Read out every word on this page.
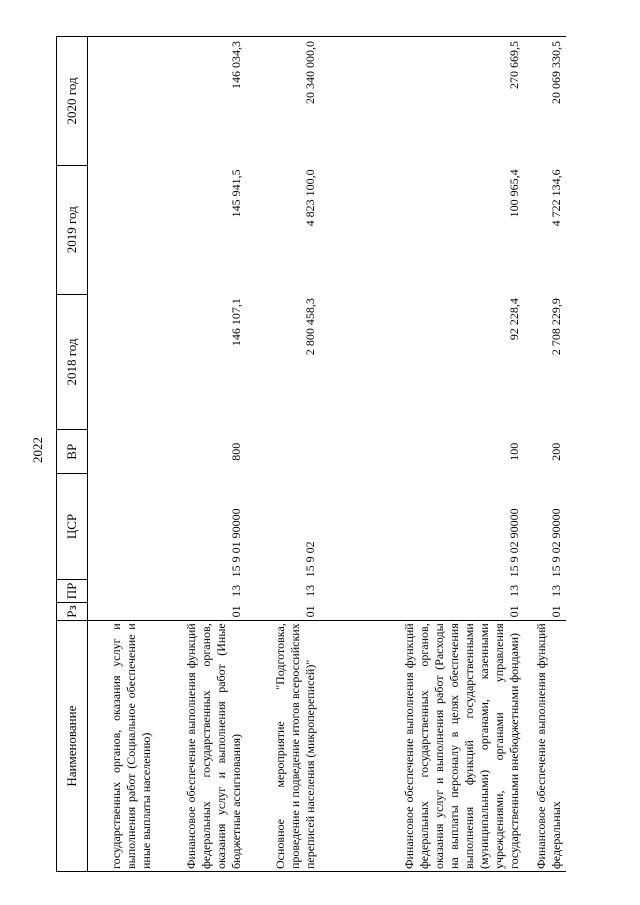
2022
Наименование	Рз	ПР	ЦСР	ВР	2018 год	2019 год	2020 год
государственных органов, оказания услуг и выполнения работ (Социальное обеспечение и иные выплаты населению)							
Финансовое обеспечение выполнения функций федеральных государственных органов, оказания услуг и выполнения работ (Иные бюджетные ассигнования)	01	13	15 9 01 90000	800	146 107,1	145 941,5	146 034,3
Основное мероприятие "Подготовка, проведение и подведение итогов всероссийских переписей населения (микропереписей)"	01	13	15 9 02		2 800 458,3	4 823 100,0	20 340 000,0
Финансовое обеспечение выполнения функций федеральных государственных органов, оказания услуг и выполнения работ (Расходы на выплаты персоналу в целях обеспечения выполнения функций государственными (муниципальными) органами, казенными учреждениями, органами управления государственными внебюджетными фондами)	01	13	15 9 02 90000	100	92 228,4	100 965,4	270 669,5
Финансовое обеспечение выполнения функций федеральных	01	13	15 9 02 90000	200	2 708 229,9	4 722 134,6	20 069 330,5
